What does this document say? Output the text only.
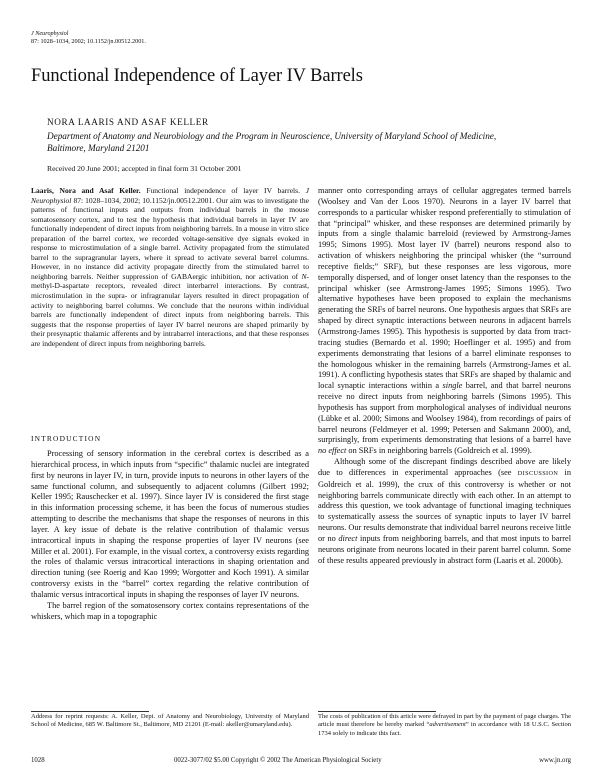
J Neurophysiol
87: 1028–1034, 2002; 10.1152/jn.00512.2001.
Functional Independence of Layer IV Barrels
NORA LAARIS AND ASAF KELLER
Department of Anatomy and Neurobiology and the Program in Neuroscience, University of Maryland School of Medicine,
Baltimore, Maryland 21201
Received 20 June 2001; accepted in final form 31 October 2001
Laaris, Nora and Asaf Keller. Functional independence of layer IV barrels. J Neurophysiol 87: 1028–1034, 2002; 10.1152/jn.00512.2001. Our aim was to investigate the patterns of functional inputs and outputs from individual barrels in the mouse somatosensory cortex, and to test the hypothesis that individual barrels in layer IV are functionally independent of direct inputs from neighboring barrels. In a mouse in vitro slice preparation of the barrel cortex, we recorded voltage-sensitive dye signals evoked in response to microstimulation of a single barrel. Activity propagated from the stimulated barrel to the supragranular layers, where it spread to activate several barrel columns. However, in no instance did activity propagate directly from the stimulated barrel to neighboring barrels. Neither suppression of GABAergic inhibition, nor activation of N-methyl-D-aspartate receptors, revealed direct interbarrel interactions. By contrast, microstimulation in the supra- or infragranular layers resulted in direct propagation of activity to neighboring barrel columns. We conclude that the neurons within individual barrels are functionally independent of direct inputs from neighboring barrels. This suggests that the response properties of layer IV barrel neurons are shaped primarily by their presynaptic thalamic afferents and by intrabarrel interactions, and that these responses are independent of direct inputs from neighboring barrels.
INTRODUCTION

Processing of sensory information in the cerebral cortex is described as a hierarchical process, in which inputs from “specific” thalamic nuclei are integrated first by neurons in layer IV, in turn, provide inputs to neurons in other layers of the same functional column, and subsequently to adjacent columns (Gilbert 1992; Keller 1995; Rauschecker et al. 1997). Since layer IV is considered the first stage in this information processing scheme, it has been the focus of numerous studies attempting to describe the mechanisms that shape the responses of neurons in this layer. A key issue of debate is the relative contribution of thalamic versus intracortical inputs in shaping the response properties of layer IV neurons (see Miller et al. 2001). For example, in the visual cortex, a controversy exists regarding the roles of thalamic versus intracortical interactions in shaping orientation and direction tuning (see Roerig and Kao 1999; Worgotter and Koch 1991). A similar controversy exists in the “barrel” cortex regarding the relative contribution of thalamic versus intracortical inputs in shaping the responses of layer IV neurons.

The barrel region of the somatosensory cortex contains representations of the whiskers, which map in a topographic

manner onto corresponding arrays of cellular aggregates termed barrels (Woolsey and Van der Loos 1970). Neurons in a layer IV barrel that corresponds to a particular whisker respond preferentially to stimulation of that “principal” whisker, and these responses are determined primarily by inputs from a single thalamic barreloid (reviewed by Armstrong-James 1995; Simons 1995). Most layer IV (barrel) neurons respond also to activation of whiskers neighboring the principal whisker (the “surround receptive fields;” SRF), but these responses are less vigorous, more temporally dispersed, and of longer onset latency than the responses to the principal whisker (see Armstrong-James 1995; Simons 1995). Two alternative hypotheses have been proposed to explain the mechanisms generating the SRFs of barrel neurons. One hypothesis argues that SRFs are shaped by direct synaptic interactions between neurons in adjacent barrels (Armstrong-James 1995). This hypothesis is supported by data from tract-tracing studies (Bernardo et al. 1990; Hoeflinger et al. 1995) and from experiments demonstrating that lesions of a barrel eliminate responses to the homologous whisker in the remaining barrels (Armstrong-James et al. 1991). A conflicting hypothesis states that SRFs are shaped by thalamic and local synaptic interactions within a single barrel, and that barrel neurons receive no direct inputs from neighboring barrels (Simons 1995). This hypothesis has support from morphological analyses of individual neurons (Lübke et al. 2000; Simons and Woolsey 1984), from recordings of pairs of barrel neurons (Feldmeyer et al. 1999; Petersen and Sakmann 2000), and, surprisingly, from experiments demonstrating that lesions of a barrel have no effect on SRFs in neighboring barrels (Goldreich et al. 1999).

Although some of the discrepant findings described above are likely due to differences in experimental approaches (see DISCUSSION in Goldreich et al. 1999), the crux of this controversy is whether or not neighboring barrels communicate directly with each other. In an attempt to address this question, we took advantage of functional imaging techniques to systematically assess the sources of synaptic inputs to layer IV barrel neurons. Our results demonstrate that individual barrel neurons receive little or no direct inputs from neighboring barrels, and that most inputs to barrel neurons originate from neurons located in their parent barrel column. Some of these results appeared previously in abstract form (Laaris et al. 2000b).

Address for reprint requests: A. Keller, Dept. of Anatomy and Neurobiology, University of Maryland School of Medicine, 685 W. Baltimore St., Baltimore, MD 21201 (E-mail: akeller@umaryland.edu).
The costs of publication of this article were defrayed in part by the payment of page charges. The article must therefore be hereby marked “advertisement” in accordance with 18 U.S.C. Section 1734 solely to indicate this fact.
1028	0022-3077/02 $5.00 Copyright © 2002 The American Physiological Society	www.jn.org
